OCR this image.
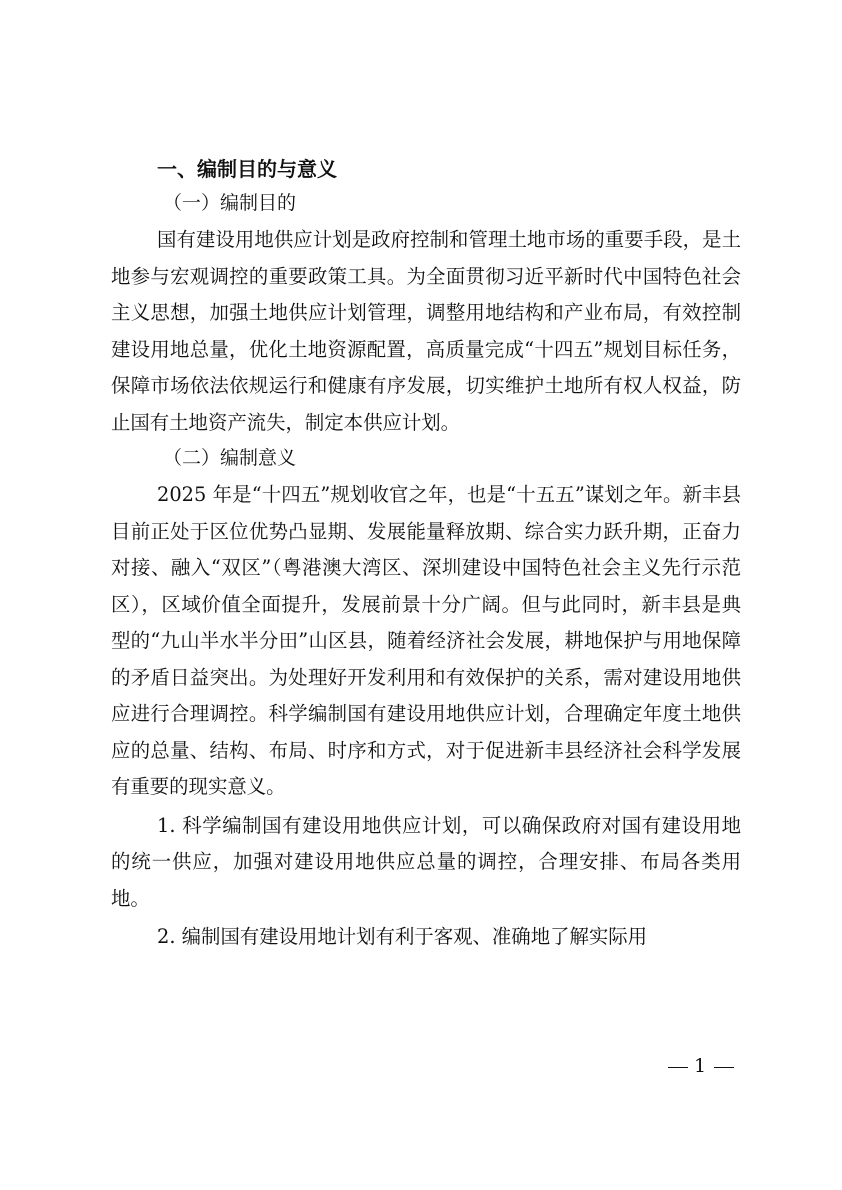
一、编制目的与意义
（一）编制目的

国有建设用地供应计划是政府控制和管理土地市场的重要手段，是土地参与宏观调控的重要政策工具。为全面贯彻习近平新时代中国特色社会主义思想，加强土地供应计划管理，调整用地结构和产业布局，有效控制建设用地总量，优化土地资源配置，高质量完成“十四五”规划目标任务，保障市场依法依规运行和健康有序发展，切实维护土地所有权人权益，防止国有土地资产流失，制定本供应计划。

（二）编制意义

2025 年是“十四五”规划收官之年，也是“十五五”谋划之年。新丰县目前正处于区位优势凸显期、发展能量释放期、综合实力跃升期，正奋力对接、融入“双区”（粤港澳大湾区、深圳建设中国特色社会主义先行示范区），区域价值全面提升，发展前景十分广阔。但与此同时，新丰县是典型的“九山半水半分田”山区县，随着经济社会发展，耕地保护与用地保障的矛盾日益突出。为处理好开发利用和有效保护的关系，需对建设用地供应进行合理调控。科学编制国有建设用地供应计划，合理确定年度土地供应的总量、结构、布局、时序和方式，对于促进新丰县经济社会科学发展有重要的现实意义。

1. 科学编制国有建设用地供应计划，可以确保政府对国有建设用地的统一供应，加强对建设用地供应总量的调控，合理安排、布局各类用地。

2. 编制国有建设用地计划有利于客观、准确地了解实际用

1
